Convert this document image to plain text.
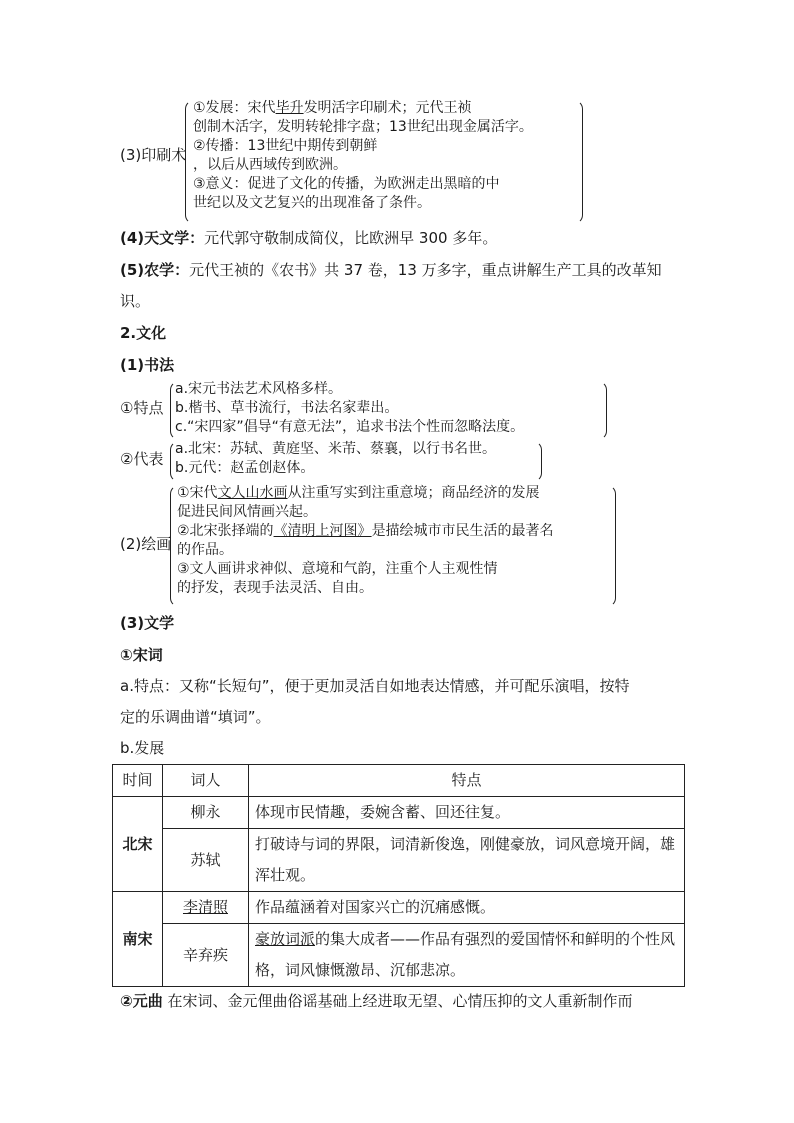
(3)印刷术
①发展：宋代毕升发明活字印刷术；元代王祯
创制木活字，发明转轮排字盘；13世纪出现金属活字。
②传播：13世纪中期传到朝鲜
，以后从西域传到欧洲。
③意义：促进了文化的传播，为欧洲走出黑暗的中
世纪以及文艺复兴的出现准备了条件。
(4)天文学：元代郭守敬制成简仪，比欧洲早 300 多年。
(5)农学：元代王祯的《农书》共 37 卷，13 万多字，重点讲解生产工具的改革知
识。
2.文化
(1)书法
①特点
a.宋元书法艺术风格多样。
b.楷书、草书流行，书法名家辈出。
c.“宋四家”倡导“有意无法”，追求书法个性而忽略法度。
②代表
a.北宋：苏轼、黄庭坚、米芾、蔡襄，以行书名世。
b.元代：赵孟创赵体。
(2)绘画
①宋代文人山水画从注重写实到注重意境；商品经济的发展
促进民间风情画兴起。
②北宋张择端的《清明上河图》是描绘城市市民生活的最著名
的作品。
③文人画讲求神似、意境和气韵，注重个人主观性情
的抒发，表现手法灵活、自由。
(3)文学
①宋词
a.特点：又称“长短句”，便于更加灵活自如地表达情感，并可配乐演唱，按特
定的乐调曲谱“填词”。
b.发展
时间	词人	特点
北宋	柳永	体现市民情趣，委婉含蓄、回还往复。
	苏轼	打破诗与词的界限，词清新俊逸，刚健豪放，词风意境开阔，雄浑壮观。
南宋	李清照	作品蕴涵着对国家兴亡的沉痛感慨。
	辛弃疾	豪放词派的集大成者——作品有强烈的爱国情怀和鲜明的个性风格，词风慷慨激昂、沉郁悲凉。
②元曲 在宋词、金元俚曲俗谣基础上经进取无望、心情压抑的文人重新制作而
